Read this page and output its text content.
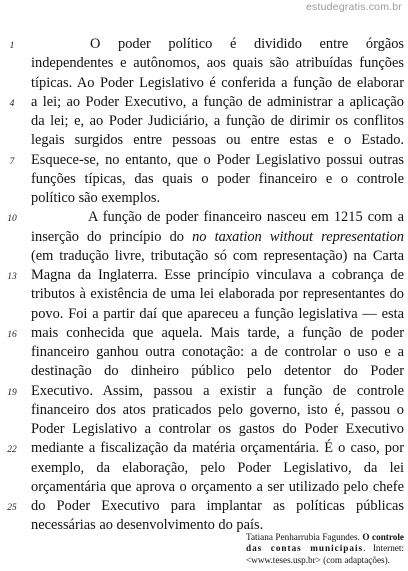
estudegratis.com.br
1	O poder político é dividido entre órgãos
independentes e autônomos, aos quais são atribuídas funções
típicas. Ao Poder Legislativo é conferida a função de elaborar
4	a lei; ao Poder Executivo, a função de administrar a aplicação
da lei; e, ao Poder Judiciário, a função de dirimir os conflitos
legais surgidos entre pessoas ou entre estas e o Estado.
7	Esquece-se, no entanto, que o Poder Legislativo possui outras
funções típicas, das quais o poder financeiro e o controle
político são exemplos.
10	A função de poder financeiro nasceu em 1215 com a
inserção do princípio do no taxation without representation
(em tradução livre, tributação só com representação) na Carta
13 Magna da Inglaterra. Esse princípio vinculava a cobrança de
tributos à existência de uma lei elaborada por representantes do
povo. Foi a partir daí que apareceu a função legislativa — esta
16 mais conhecida que aquela. Mais tarde, a função de poder
financeiro ganhou outra conotação: a de controlar o uso e a
destinação do dinheiro público pelo detentor do Poder
19 Executivo. Assim, passou a existir a função de controle
financeiro dos atos praticados pelo governo, isto é, passou o
Poder Legislativo a controlar os gastos do Poder Executivo
22 mediante a fiscalização da matéria orçamentária. É o caso, por
exemplo, da elaboração, pelo Poder Legislativo, da lei
orçamentária que aprova o orçamento a ser utilizado pelo chefe
25 do Poder Executivo para implantar as políticas públicas
necessárias ao desenvolvimento do país.
Tatiana Penharrubia Fagundes. O controle
das contas municipais. Internet:
<www.teses.usp.br> (com adaptações).
